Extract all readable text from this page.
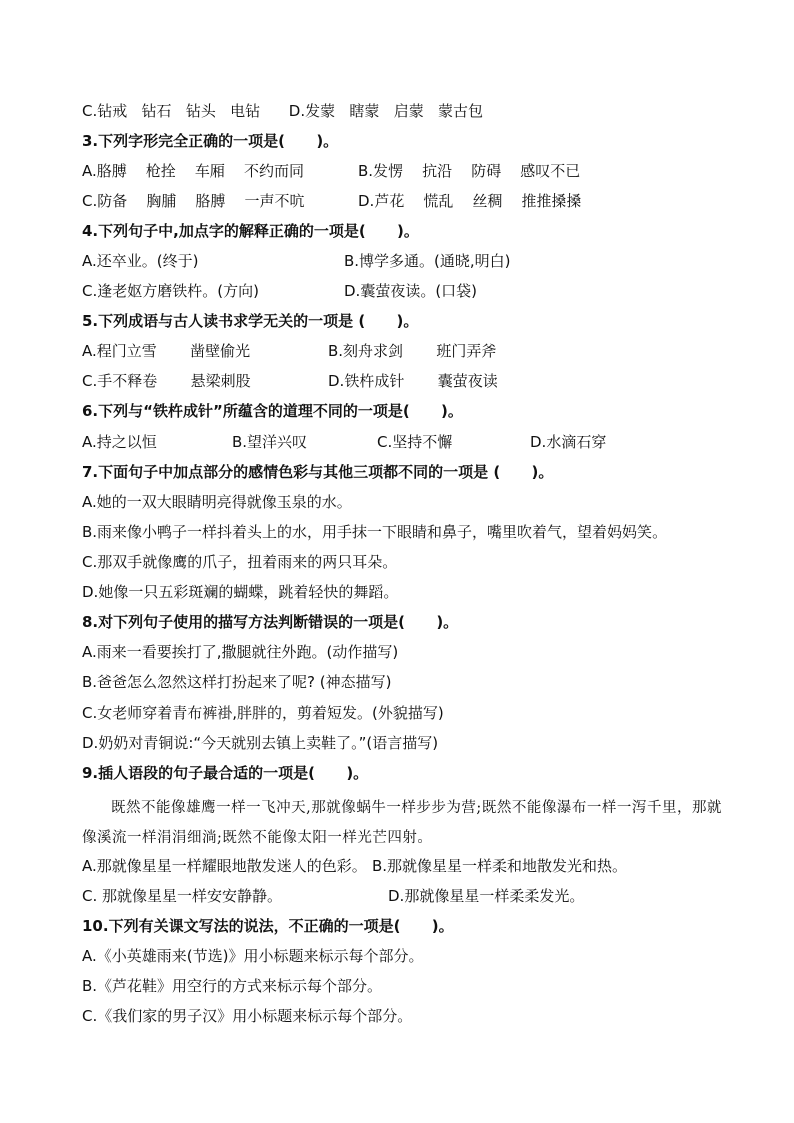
C.钻戒   钻石   钻头   电钻      D.发蒙   瞎蒙   启蒙   蒙古包
3.下列字形完全正确的一项是(      )。
A.胳膊    枪拴    车厢    不约而同	B.发愣    抗沿    防碍    感叹不已
C.防备    胸脯    胳膊    一声不吭	D.芦花    慌乱    丝稠    推推搡搡
4.下列句子中,加点字的解释正确的一项是(      )。
A.还卒业。(终于)	B.博学多通。(通晓,明白)
C.逢老妪方磨铁杵。(方向)	D.囊萤夜读。(口袋)
5.下列成语与古人读书求学无关的一项是 (      )。
A.程门立雪       凿壁偷光	B.刻舟求剑       班门弄斧
C.手不释卷       悬梁刺股	D.铁杵成针       囊萤夜读
6.下列与“铁杵成针”所蕴含的道理不同的一项是(      )。
A.持之以恒	B.望洋兴叹	C.坚持不懈	D.水滴石穿
7.下面句子中加点部分的感情色彩与其他三项都不同的一项是 (      )。
A.她的一双大眼睛明亮得就像玉泉的水。
B.雨来像小鸭子一样抖着头上的水，用手抹一下眼睛和鼻子，嘴里吹着气，望着妈妈笑。
C.那双手就像鹰的爪子，扭着雨来的两只耳朵。
D.她像一只五彩斑斓的蝴蝶，跳着轻快的舞蹈。
8.对下列句子使用的描写方法判断错误的一项是(      )。
A.雨来一看要挨打了,撒腿就往外跑。(动作描写)
B.爸爸怎么忽然这样打扮起来了呢? (神态描写)
C.女老师穿着青布裤褂,胖胖的，剪着短发。(外貌描写)
D.奶奶对青铜说:“今天就别去镇上卖鞋了。”(语言描写)
9.插人语段的句子最合适的一项是(      )。
既然不能像雄鹰一样一飞冲天,那就像蜗牛一样步步为营;既然不能像瀑布一样一泻千里，那就像溪流一样涓涓细淌;既然不能像太阳一样光芒四射。
A.那就像星星一样耀眼地散发迷人的色彩。 B.那就像星星一样柔和地散发光和热。
C. 那就像星星一样安安静静。	D.那就像星星一样柔柔发光。
10.下列有关课文写法的说法，不正确的一项是(      )。
A.《小英雄雨来(节选)》用小标题来标示每个部分。
B.《芦花鞋》用空行的方式来标示每个部分。
C.《我们家的男子汉》用小标题来标示每个部分。
